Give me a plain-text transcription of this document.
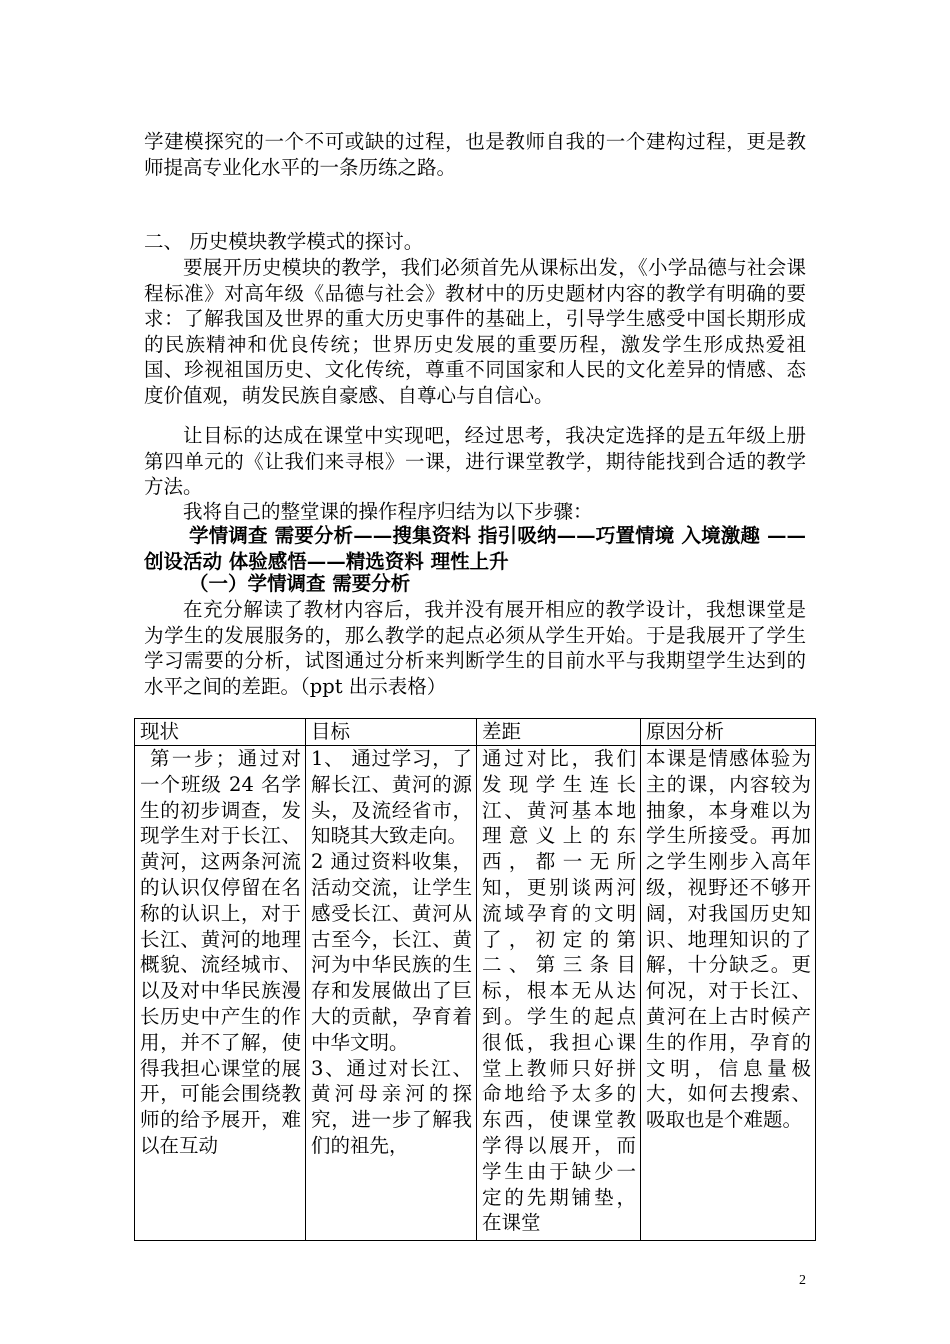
学建模探究的一个不可或缺的过程，也是教师自我的一个建构过程，更是教师提高专业化水平的一条历练之路。

二、 历史模块教学模式的探讨。

要展开历史模块的教学，我们必须首先从课标出发，《小学品德与社会课程标准》对高年级《品德与社会》教材中的历史题材内容的教学有明确的要求：了解我国及世界的重大历史事件的基础上，引导学生感受中国长期形成的民族精神和优良传统；世界历史发展的重要历程，激发学生形成热爱祖国、珍视祖国历史、文化传统，尊重不同国家和人民的文化差异的情感、态度价值观，萌发民族自豪感、自尊心与自信心。

让目标的达成在课堂中实现吧，经过思考，我决定选择的是五年级上册第四单元的《让我们来寻根》一课，进行课堂教学，期待能找到合适的教学方法。

我将自己的整堂课的操作程序归结为以下步骤：

学情调查 需要分析——搜集资料 指引吸纳——巧置情境 入境激趣 ——创设活动 体验感悟——精选资料 理性上升

（一）学情调查 需要分析

在充分解读了教材内容后，我并没有展开相应的教学设计，我想课堂是为学生的发展服务的，那么教学的起点必须从学生开始。于是我展开了学生学习需要的分析，试图通过分析来判断学生的目前水平与我期望学生达到的水平之间的差距。（ppt 出示表格）

现状	目标	差距	原因分析
第一步；通过对一个班级 24 名学生的初步调查，发现学生对于长江、黄河，这两条河流的认识仅停留在名称的认识上，对于长江、黄河的地理概貌、流经城市、以及对中华民族漫长历史中产生的作用，并不了解，使得我担心课堂的展开，可能会围绕教师的给予展开，难以在互动	1、 通过学习，了解长江、黄河的源头，及流经省市，知晓其大致走向。
2 通过资料收集，活动交流，让学生感受长江、黄河从古至今，长江、黄河为中华民族的生存和发展做出了巨大的贡献，孕育着中华文明。
3、通过对长江、黄河母亲河的探究，进一步了解我们的祖先，	通过对比，我们发现学生连长江、黄河基本地理意义上的东西，都一无所知，更别谈两河流域孕育的文明了，初定的第二、第三条目标，根本无从达到。学生的起点很低，我担心课堂上教师只好拼命地给予太多的东西，使课堂教学得以展开，而学生由于缺少一定的先期铺垫，在课堂	本课是情感体验为主的课，内容较为抽象，本身难以为学生所接受。再加之学生刚步入高年级，视野还不够开阔，对我国历史知识、地理知识的了解，十分缺乏。更何况，对于长江、黄河在上古时候产生的作用，孕育的文明，信息量极大，如何去搜索、吸取也是个难题。
2
